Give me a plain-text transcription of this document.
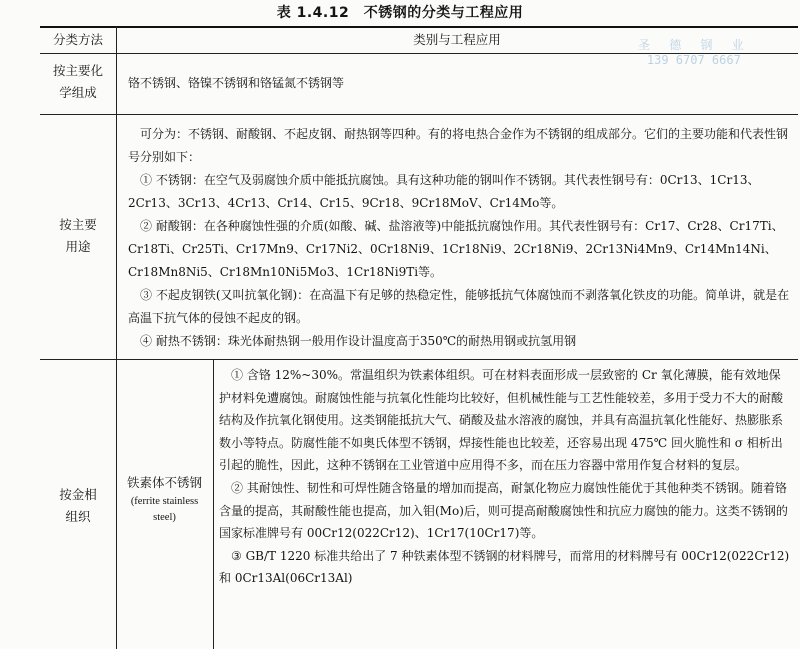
表 1.4.12　不锈钢的分类与工程应用
圣 德 钢 业
139 6707 6667
分类方法	类别与工程应用
按主要化学组成
铬不锈钢、铬镍不锈钢和铬锰氮不锈钢等
按主要用途

可分为：不锈钢、耐酸钢、不起皮钢、耐热钢等四种。有的将电热合金作为不锈钢的组成部分。它们的主要功能和代表性钢号分别如下：

① 不锈钢：在空气及弱腐蚀介质中能抵抗腐蚀。具有这种功能的钢叫作不锈钢。其代表性钢号有：0Cr13、1Cr13、2Cr13、3Cr13、4Cr13、Cr14、Cr15、9Cr18、9Cr18MoV、Cr14Mo等。

② 耐酸钢：在各种腐蚀性强的介质(如酸、碱、盐溶液等)中能抵抗腐蚀作用。其代表性钢号有：Cr17、Cr28、Cr17Ti、Cr18Ti、Cr25Ti、Cr17Mn9、Cr17Ni2、0Cr18Ni9、1Cr18Ni9、2Cr18Ni9、2Cr13Ni4Mn9、Cr14Mn14Ni、Cr18Mn8Ni5、Cr18Mn10Ni5Mo3、1Cr18Ni9Ti等。

③ 不起皮钢铁(又叫抗氧化钢)：在高温下有足够的热稳定性，能够抵抗气体腐蚀而不剥落氧化铁皮的功能。简单讲，就是在高温下抗气体的侵蚀不起皮的钢。

④ 耐热不锈钢：珠光体耐热钢一般用作设计温度高于350℃的耐热用钢或抗氢用钢

按金相组织
铁素体不锈钢
(ferrite stainless steel)

① 含铬 12%~30%。常温组织为铁素体组织。可在材料表面形成一层致密的 Cr 氧化薄膜，能有效地保护材料免遭腐蚀。耐腐蚀性能与抗氧化性能均比较好，但机械性能与工艺性能较差，多用于受力不大的耐酸结构及作抗氧化钢使用。这类钢能抵抗大气、硝酸及盐水溶液的腐蚀，并具有高温抗氧化性能好、热膨胀系数小等特点。防腐性能不如奥氏体型不锈钢，焊接性能也比较差，还容易出现 475℃ 回火脆性和 σ 相析出引起的脆性，因此，这种不锈钢在工业管道中应用得不多，而在压力容器中常用作复合材料的复层。

② 其耐蚀性、韧性和可焊性随含铬量的增加而提高，耐氯化物应力腐蚀性能优于其他种类不锈钢。随着铬含量的提高，其耐酸性能也提高，加入钼(Mo)后，则可提高耐酸腐蚀性和抗应力腐蚀的能力。这类不锈钢的国家标准牌号有 00Cr12(022Cr12)、1Cr17(10Cr17)等。

③ GB/T 1220 标准共给出了 7 种铁素体型不锈钢的材料牌号，而常用的材料牌号有 00Cr12(022Cr12) 和 0Cr13Al(06Cr13Al)
